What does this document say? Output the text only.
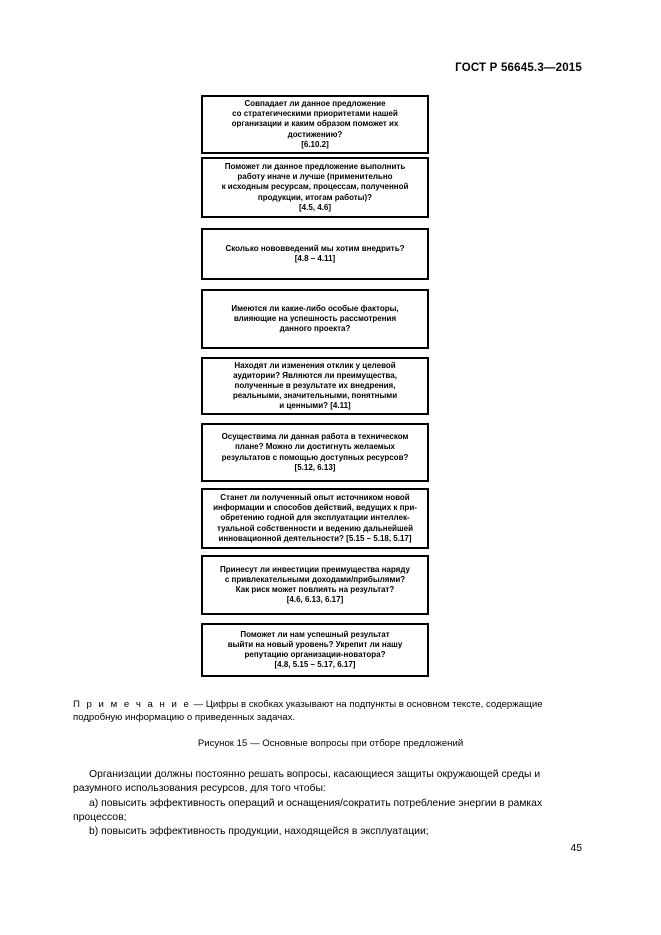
ГОСТ Р 56645.3—2015
Совпадает ли данное предложение
со стратегическими приоритетами нашей
организации и каким образом поможет их
достижению?
[6.10.2]
Поможет ли данное предложение выполнить
работу иначе и лучше (применительно
к исходным ресурсам, процессам, полученной
продукции, итогам работы)?
[4.5, 4.6]
Сколько нововведений мы хотим внедрить?
[4.8 – 4.11]
Имеются ли какие-либо особые факторы,
влияющие на успешность рассмотрения
данного проекта?
Находят ли изменения отклик у целевой
аудитории? Являются ли преимущества,
полученные в результате их внедрения,
реальными, значительными, понятными
и ценными? [4.11]
Осуществима ли данная работа в техническом
плане? Можно ли достигнуть желаемых
результатов с помощью доступных ресурсов?
[5.12, 6.13]
Станет ли полученный опыт источником новой
информации и способов действий, ведущих к при-
обретению годной для эксплуатации интеллек-
туальной собственности и ведению дальнейшей
инновационной деятельности? [5.15 – 5.18, 5.17]
Принесут ли инвестиции преимущества наряду
с привлекательными доходами/прибылями?
Как риск может повлиять на результат?
[4.6, 6.13, 6.17]
Поможет ли нам успешный результат
выйти на новый уровень? Укрепит ли нашу
репутацию организации-новатора?
[4.8, 5.15 – 5.17, 6.17]
П р и м е ч а н и е — Цифры в скобках указывают на подпункты в основном тексте, содержащие подробную информацию о приведенных задачах.
Рисунок 15 — Основные вопросы при отборе предложений
Организации должны постоянно решать вопросы, касающиеся защиты окружающей среды и разумного использования ресурсов, для того чтобы:
а) повысить эффективность операций и оснащения/сократить потребление энергии в рамках процессов;
b) повысить эффективность продукции, находящейся в эксплуатации;
45
